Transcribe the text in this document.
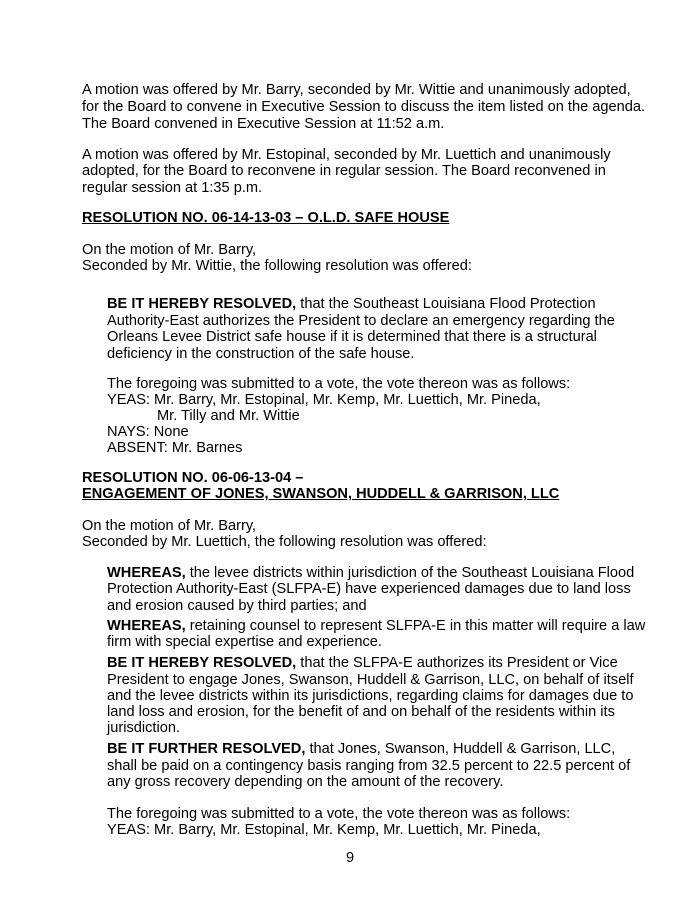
A motion was offered by Mr. Barry, seconded by Mr. Wittie and unanimously adopted,
for the Board to convene in Executive Session to discuss the item listed on the agenda.
The Board convened in Executive Session at 11:52 a.m.
A motion was offered by Mr. Estopinal, seconded by Mr. Luettich and unanimously
adopted, for the Board to reconvene in regular session. The Board reconvened in
regular session at 1:35 p.m.
RESOLUTION NO. 06-14-13-03 – O.L.D. SAFE HOUSE
On the motion of Mr. Barry,
Seconded by Mr. Wittie, the following resolution was offered:
BE IT HEREBY RESOLVED, that the Southeast Louisiana Flood Protection
Authority-East authorizes the President to declare an emergency regarding the
Orleans Levee District safe house if it is determined that there is a structural
deficiency in the construction of the safe house.
The foregoing was submitted to a vote, the vote thereon was as follows:
YEAS: Mr. Barry, Mr. Estopinal, Mr. Kemp, Mr. Luettich, Mr. Pineda,
Mr. Tilly and Mr. Wittie
NAYS: None
ABSENT: Mr. Barnes
RESOLUTION NO. 06-06-13-04 –
ENGAGEMENT OF JONES, SWANSON, HUDDELL & GARRISON, LLC
On the motion of Mr. Barry,
Seconded by Mr. Luettich, the following resolution was offered:
WHEREAS, the levee districts within jurisdiction of the Southeast Louisiana Flood
Protection Authority-East (SLFPA-E) have experienced damages due to land loss
and erosion caused by third parties; and
WHEREAS, retaining counsel to represent SLFPA-E in this matter will require a law
firm with special expertise and experience.
BE IT HEREBY RESOLVED, that the SLFPA-E authorizes its President or Vice
President to engage Jones, Swanson, Huddell & Garrison, LLC, on behalf of itself
and the levee districts within its jurisdictions, regarding claims for damages due to
land loss and erosion, for the benefit of and on behalf of the residents within its
jurisdiction.
BE IT FURTHER RESOLVED, that Jones, Swanson, Huddell & Garrison, LLC,
shall be paid on a contingency basis ranging from 32.5 percent to 22.5 percent of
any gross recovery depending on the amount of the recovery.
The foregoing was submitted to a vote, the vote thereon was as follows:
YEAS: Mr. Barry, Mr. Estopinal, Mr. Kemp, Mr. Luettich, Mr. Pineda,
9
